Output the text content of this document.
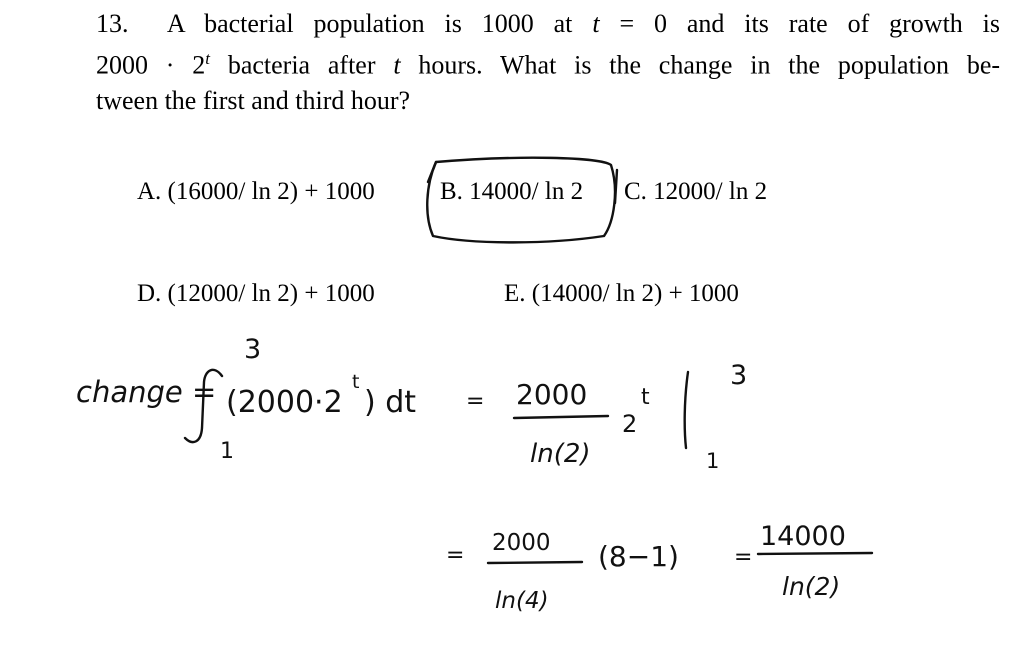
13. A bacterial population is 1000 at t = 0 and its rate of growth is
$2000 \cdot 2^t$ bacteria after t hours. What is the change in the population be-
tween the first and third hour?
A. (16000/ ln 2) + 1000	B. 14000/ ln 2 C. 12000/ ln 2
D. (12000/ ln 2) + 1000	E. (14000/ ln 2) + 1000
change =
3
1
(2000·2
t
) dt = 2000
ln(2)
2
t
3
1
= 2000
ln(4)
(8−1)	=
14000
ln(2)
